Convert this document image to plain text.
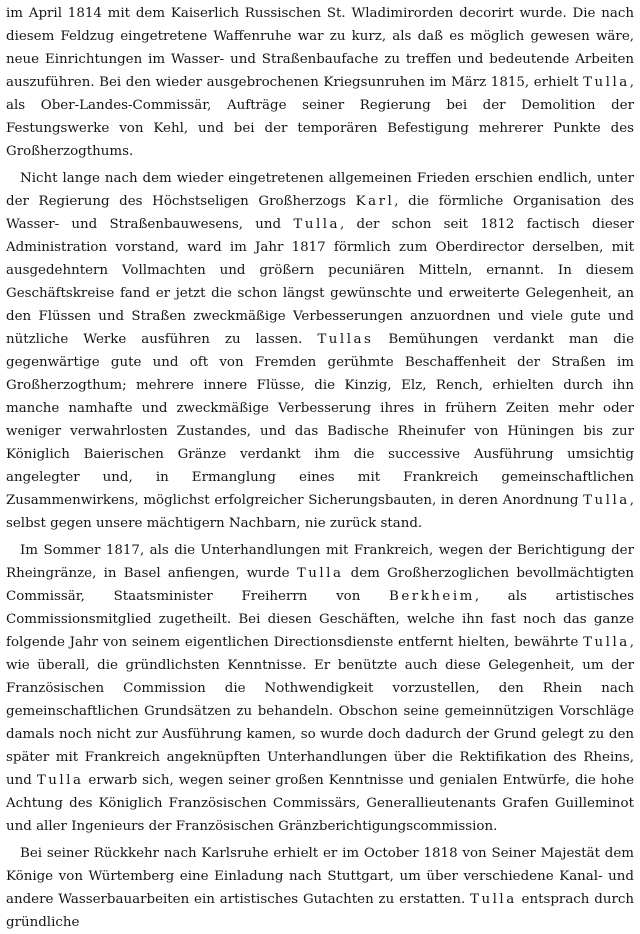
im April 1814 mit dem Kaiserlich Russischen St. Wladimirorden decorirt wurde. Die nach diesem Feldzug eingetretene Waffenruhe war zu kurz, als daß es möglich gewesen wäre, neue Einrichtungen im Wasser- und Straßenbaufache zu treffen und bedeutende Arbeiten auszuführen. Bei den wieder ausgebrochenen Kriegsunruhen im März 1815, erhielt Tulla, als Ober-Landes-Commissär, Aufträge seiner Regierung bei der Demolition der Festungswerke von Kehl, und bei der temporären Befestigung mehrerer Punkte des Großherzogthums.

Nicht lange nach dem wieder eingetretenen allgemeinen Frieden erschien endlich, unter der Regierung des Höchstseligen Großherzogs Karl, die förmliche Organisation des Wasser- und Straßenbauwesens, und Tulla, der schon seit 1812 factisch dieser Administration vorstand, ward im Jahr 1817 förmlich zum Oberdirector derselben, mit ausgedehntern Vollmachten und größern pecuniären Mitteln, ernannt. In diesem Geschäftskreise fand er jetzt die schon längst gewünschte und erweiterte Gelegenheit, an den Flüssen und Straßen zweckmäßige Verbesserungen anzuordnen und viele gute und nützliche Werke ausführen zu lassen. Tullas Bemühungen verdankt man die gegenwärtige gute und oft von Fremden gerühmte Beschaffenheit der Straßen im Großherzogthum; mehrere innere Flüsse, die Kinzig, Elz, Rench, erhielten durch ihn manche namhafte und zweckmäßige Verbesserung ihres in frühern Zeiten mehr oder weniger verwahrlosten Zustandes, und das Badische Rheinufer von Hüningen bis zur Königlich Baierischen Gränze verdankt ihm die successive Ausführung umsichtig angelegter und, in Ermanglung eines mit Frankreich gemeinschaftlichen Zusammenwirkens, möglichst erfolgreicher Sicherungsbauten, in deren Anordnung Tulla, selbst gegen unsere mächtigern Nachbarn, nie zurück stand.

Im Sommer 1817, als die Unterhandlungen mit Frankreich, wegen der Berichtigung der Rheingränze, in Basel anfiengen, wurde Tulla dem Großherzoglichen bevollmächtigten Commissär, Staatsminister Freiherrn von Berkheim, als artistisches Commissionsmitglied zugetheilt. Bei diesen Geschäften, welche ihn fast noch das ganze folgende Jahr von seinem eigentlichen Directionsdienste entfernt hielten, bewährte Tulla, wie überall, die gründlichsten Kenntnisse. Er benützte auch diese Gelegenheit, um der Französischen Commission die Nothwendigkeit vorzustellen, den Rhein nach gemeinschaftlichen Grundsätzen zu behandeln. Obschon seine gemeinnützigen Vorschläge damals noch nicht zur Ausführung kamen, so wurde doch dadurch der Grund gelegt zu den später mit Frankreich angeknüpften Unterhandlungen über die Rektifikation des Rheins, und Tulla erwarb sich, wegen seiner großen Kenntnisse und genialen Entwürfe, die hohe Achtung des Königlich Französischen Commissärs, Generallieutenants Grafen Guilleminot und aller Ingenieurs der Französischen Gränzberichtigungscommission.

Bei seiner Rückkehr nach Karlsruhe erhielt er im October 1818 von Seiner Majestät dem Könige von Würtemberg eine Einladung nach Stuttgart, um über verschiedene Kanal- und andere Wasserbauarbeiten ein artistisches Gutachten zu erstatten. Tulla entsprach durch gründliche
